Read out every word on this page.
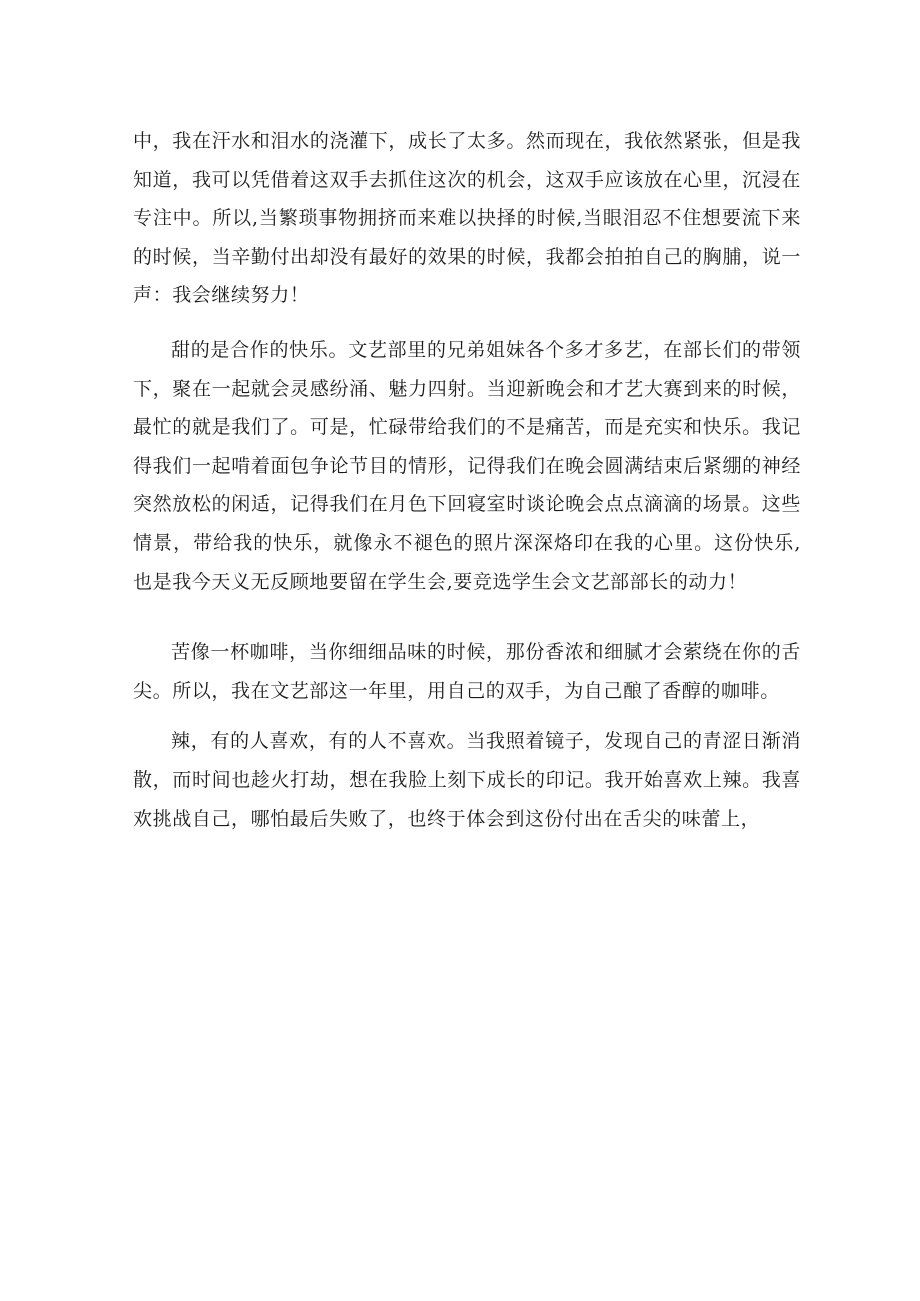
中，我在汗水和泪水的浇灌下，成长了太多。然而现在，我依然紧张，但是我知道，我可以凭借着这双手去抓住这次的机会，这双手应该放在心里，沉浸在专注中。所以,当繁琐事物拥挤而来难以抉择的时候,当眼泪忍不住想要流下来的时候，当辛勤付出却没有最好的效果的时候，我都会拍拍自己的胸脯，说一声：我会继续努力！

甜的是合作的快乐。文艺部里的兄弟姐妹各个多才多艺，在部长们的带领下，聚在一起就会灵感纷涌、魅力四射。当迎新晚会和才艺大赛到来的时候，最忙的就是我们了。可是，忙碌带给我们的不是痛苦，而是充实和快乐。我记得我们一起啃着面包争论节目的情形，记得我们在晚会圆满结束后紧绷的神经突然放松的闲适，记得我们在月色下回寝室时谈论晚会点点滴滴的场景。这些情景，带给我的快乐，就像永不褪色的照片深深烙印在我的心里。这份快乐,也是我今天义无反顾地要留在学生会,要竞选学生会文艺部部长的动力！

苦像一杯咖啡，当你细细品味的时候，那份香浓和细腻才会萦绕在你的舌尖。所以，我在文艺部这一年里，用自己的双手，为自己酿了香醇的咖啡。

辣，有的人喜欢，有的人不喜欢。当我照着镜子，发现自己的青涩日渐消散，而时间也趁火打劫，想在我脸上刻下成长的印记。我开始喜欢上辣。我喜欢挑战自己，哪怕最后失败了，也终于体会到这份付出在舌尖的味蕾上，
